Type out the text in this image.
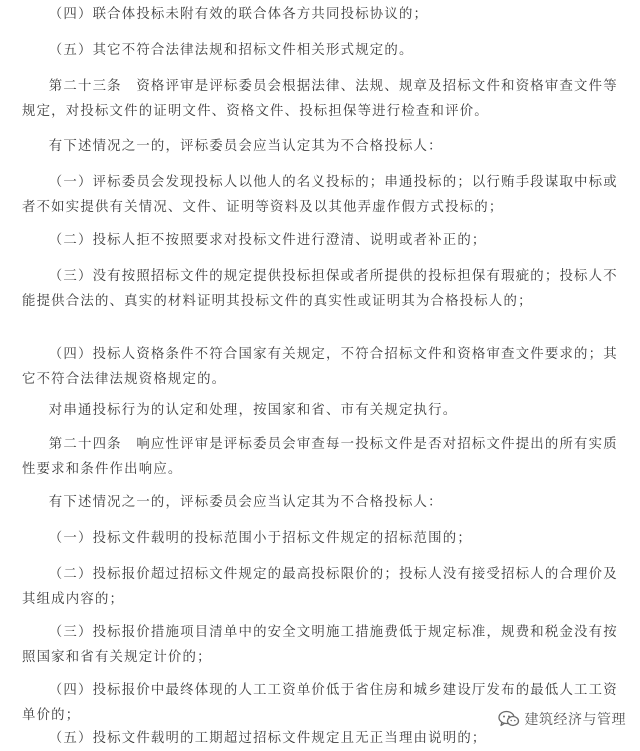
（四）联合体投标未附有效的联合体各方共同投标协议的；

（五）其它不符合法律法规和招标文件相关形式规定的。

第二十三条　资格评审是评标委员会根据法律、法规、规章及招标文件和资格审查文件等规定，对投标文件的证明文件、资格文件、投标担保等进行检查和评价。

有下述情况之一的，评标委员会应当认定其为不合格投标人：

（一）评标委员会发现投标人以他人的名义投标的；串通投标的；以行贿手段谋取中标或者不如实提供有关情况、文件、证明等资料及以其他弄虚作假方式投标的；

（二）投标人拒不按照要求对投标文件进行澄清、说明或者补正的；

（三）没有按照招标文件的规定提供投标担保或者所提供的投标担保有瑕疵的；投标人不能提供合法的、真实的材料证明其投标文件的真实性或证明其为合格投标人的；

（四）投标人资格条件不符合国家有关规定，不符合招标文件和资格审查文件要求的；其它不符合法律法规资格规定的。

对串通投标行为的认定和处理，按国家和省、市有关规定执行。

第二十四条　响应性评审是评标委员会审查每一投标文件是否对招标文件提出的所有实质性要求和条件作出响应。

有下述情况之一的，评标委员会应当认定其为不合格投标人：

（一）投标文件载明的投标范围小于招标文件规定的招标范围的；

（二）投标报价超过招标文件规定的最高投标限价的；投标人没有接受招标人的合理价及其组成内容的；

（三）投标报价措施项目清单中的安全文明施工措施费低于规定标准，规费和税金没有按照国家和省有关规定计价的；

（四）投标报价中最终体现的人工工资单价低于省住房和城乡建设厅发布的最低人工工资单价的；

（五）投标文件载明的工期超过招标文件规定且无正当理由说明的；

建筑经济与管理
